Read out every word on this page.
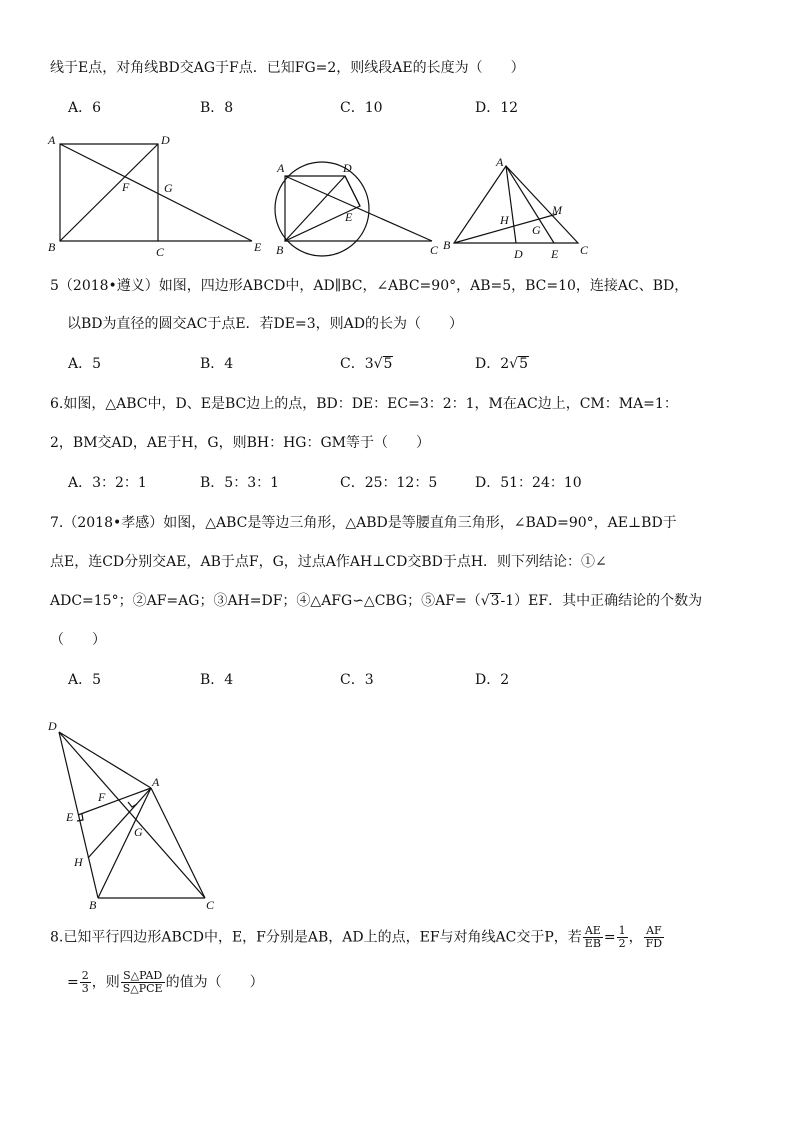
线于E点，对角线BD交AG于F点．已知FG=2，则线段AE的长度为（　　）
A．6	B．8	C．10	D．12
A	D
F	G
B	C	E
A	D
E
B	C
A
M
H
G
B
D E C
5（2018•遵义）如图，四边形ABCD中，AD∥BC，∠ABC=90°，AB=5，BC=10，连接AC、BD，
以BD为直径的圆交AC于点E．若DE=3，则AD的长为（　　）
A．5	B．4	C．3√5	D．2√5
6.如图，△ABC中，D、E是BC边上的点，BD：DE：EC=3：2：1，M在AC边上，CM：MA=1：
2，BM交AD，AE于H，G，则BH：HG：GM等于（　　）
A．3：2：1	B．5：3：1	C．25：12：5	D．51：24：10
7.（2018•孝感）如图，△ABC是等边三角形，△ABD是等腰直角三角形，∠BAD=90°，AE⊥BD于
点E，连CD分别交AE，AB于点F，G，过点A作AH⊥CD交BD于点H．则下列结论：①∠
ADC=15°；②AF=AG；③AH=DF；④△AFG∽△CBG；⑤AF=（√3-1）EF．其中正确结论的个数为
（　　）
A．5	B．4	C．3	D．2
D
A
F
E
G
H
B	C
8.已知平行四边形ABCD中，E，F分别是AB，AD上的点，EF与对角线AC交于P，若 $\frac{AE}{EB} = \frac{1}{2}$ ， $\frac{AF}{FD}$
= $\frac{2}{3}$ ，则 $\frac{\text{S△PAD}}{\text{S△PCE}}$ 的值为（　　）
